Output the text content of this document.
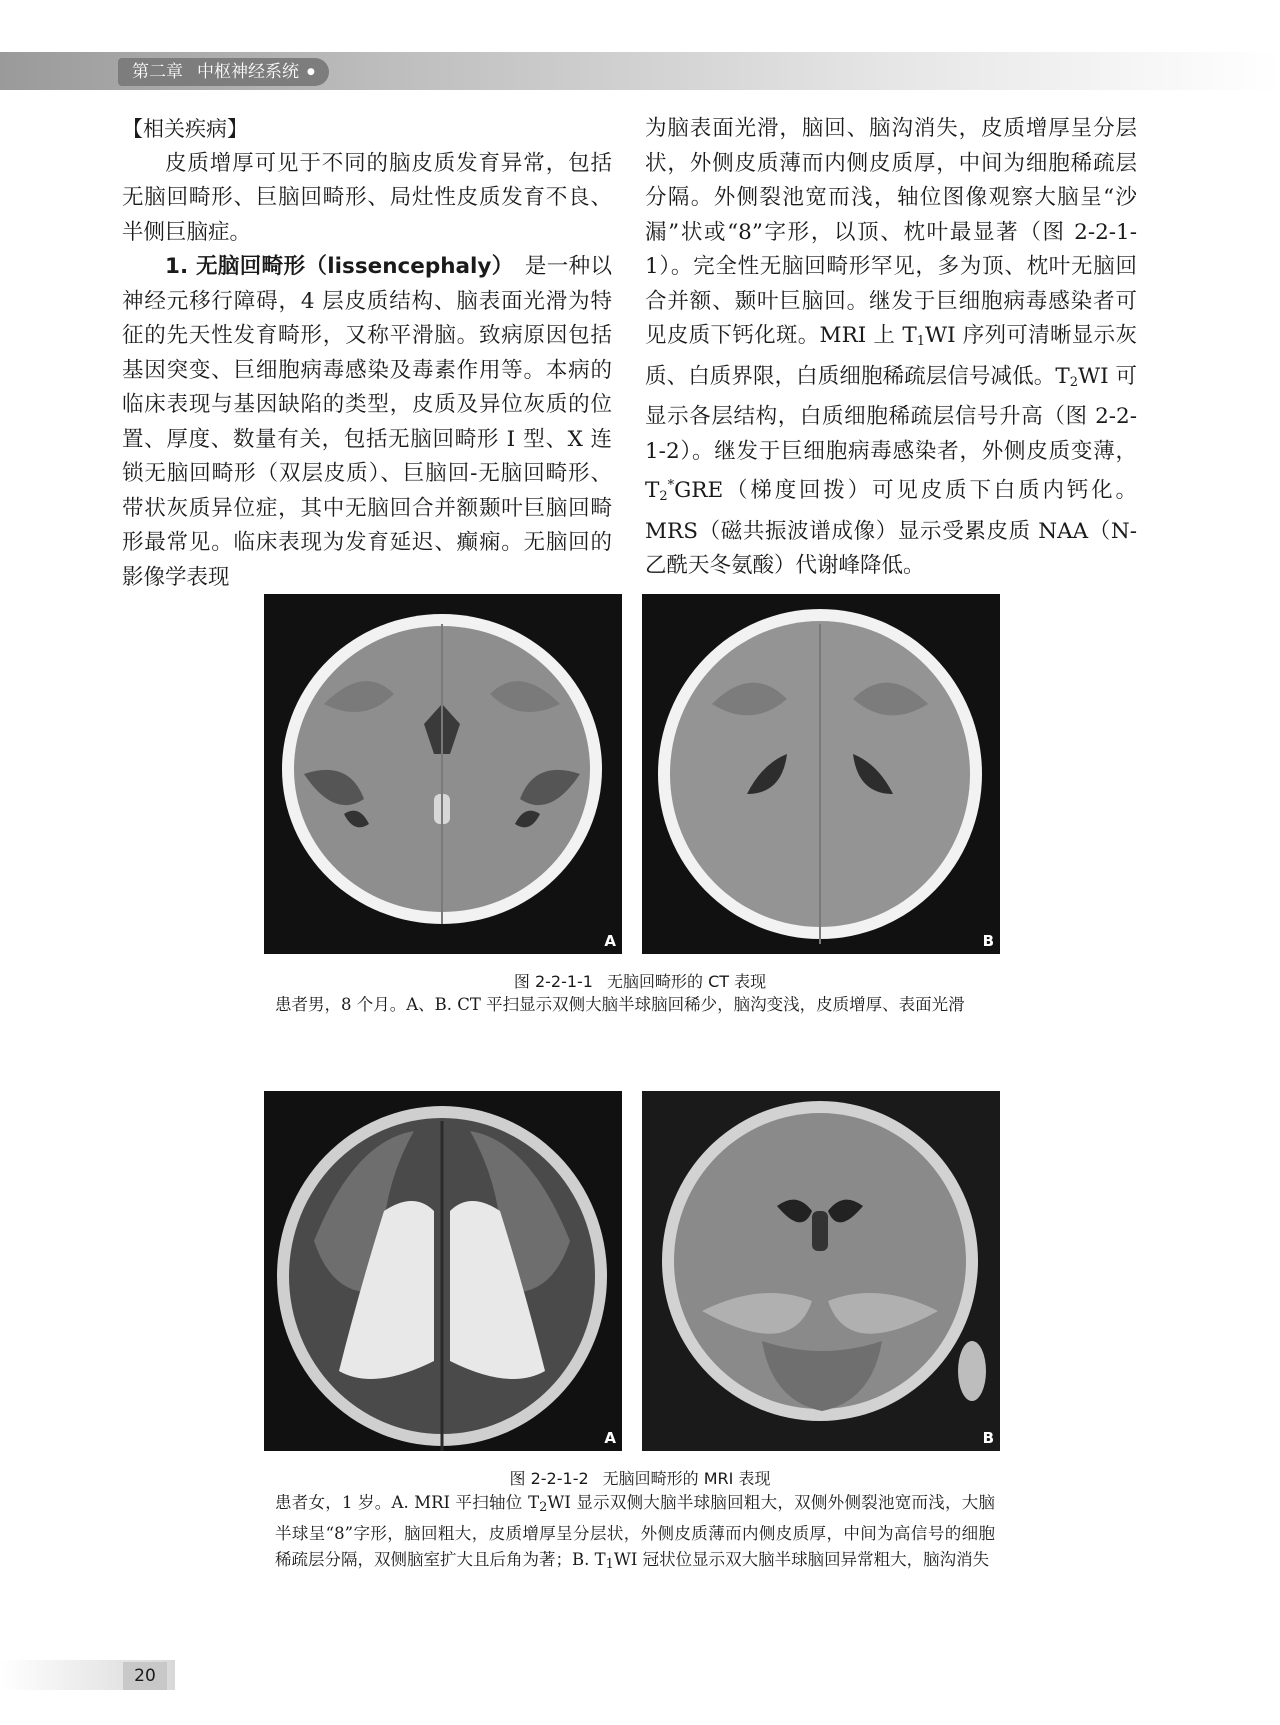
第二章 中枢神经系统 ●

【相关疾病】

皮质增厚可见于不同的脑皮质发育异常，包括无脑回畸形、巨脑回畸形、局灶性皮质发育不良、半侧巨脑症。

1. 无脑回畸形（lissencephaly）　 是一种以神经元移行障碍，4 层皮质结构、脑表面光滑为特征的先天性发育畸形，又称平滑脑。致病原因包括基因突变、巨细胞病毒感染及毒素作用等。本病的临床表现与基因缺陷的类型，皮质及异位灰质的位置、厚度、数量有关，包括无脑回畸形 Ⅰ 型、X 连锁无脑回畸形（双层皮质）、巨脑回-无脑回畸形、带状灰质异位症，其中无脑回合并额颞叶巨脑回畸形最常见。临床表现为发育延迟、癫痫。无脑回的影像学表现

为脑表面光滑，脑回、脑沟消失，皮质增厚呈分层状，外侧皮质薄而内侧皮质厚，中间为细胞稀疏层分隔。外侧裂池宽而浅，轴位图像观察大脑呈“沙漏”状或“8”字形，以顶、枕叶最显著（图 2-2-1-1）。完全性无脑回畸形罕见，多为顶、枕叶无脑回合并额、颞叶巨脑回。继发于巨细胞病毒感染者可见皮质下钙化斑。MRI 上 $T_1WI$ 序列可清晰显示灰质、白质界限，白质细胞稀疏层信号减低。$T_2WI$ 可显示各层结构，白质细胞稀疏层信号升高（图 2-2-1-2）。继发于巨细胞病毒感染者，外侧皮质变薄，$T_2^*GRE$（梯度回拨）可见皮质下白质内钙化。MRS（磁共振波谱成像）显示受累皮质 NAA（N-乙酰天冬氨酸）代谢峰降低。

A	B
图 2-2-1-1 无脑回畸形的 CT 表现
患者男，8 个月。A、B. CT 平扫显示双侧大脑半球脑回稀少，脑沟变浅，皮质增厚、表面光滑
A	B
图 2-2-1-2 无脑回畸形的 MRI 表现
患者女，1 岁。A. MRI 平扫轴位 $T_2WI$ 显示双侧大脑半球脑回粗大，双侧外侧裂池宽而浅，大脑半球呈“8”字形，脑回粗大，皮质增厚呈分层状，外侧皮质薄而内侧皮质厚，中间为高信号的细胞稀疏层分隔，双侧脑室扩大且后角为著；B. $T_1WI$ 冠状位显示双大脑半球脑回异常粗大，脑沟消失
20
